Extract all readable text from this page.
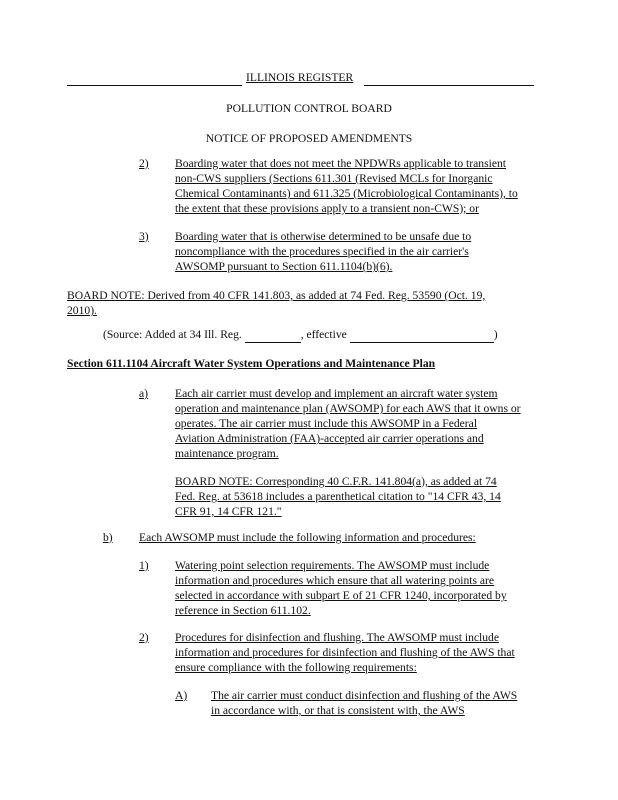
ILLINOIS REGISTER
POLLUTION CONTROL BOARD
NOTICE OF PROPOSED AMENDMENTS
2) Boarding water that does not meet the NPDWRs applicable to transient
non-CWS suppliers (Sections 611.301 (Revised MCLs for Inorganic
Chemical Contaminants) and 611.325 (Microbiological Contaminants), to
the extent that these provisions apply to a transient non-CWS); or
3) Boarding water that is otherwise determined to be unsafe due to
noncompliance with the procedures specified in the air carrier's
AWSOMP pursuant to Section 611.1104(b)(6).
BOARD NOTE: Derived from 40 CFR 141.803, as added at 74 Fed. Reg. 53590 (Oct. 19,
2010).
(Source: Added at 34 Ill. Reg.	, effective	)
Section 611.1104 Aircraft Water System Operations and Maintenance Plan
a) Each air carrier must develop and implement an aircraft water system
operation and maintenance plan (AWSOMP) for each AWS that it owns or
operates. The air carrier must include this AWSOMP in a Federal
Aviation Administration (FAA)-accepted air carrier operations and
maintenance program.
BOARD NOTE: Corresponding 40 C.F.R. 141.804(a), as added at 74
Fed. Reg. at 53618 includes a parenthetical citation to "14 CFR 43, 14
CFR 91, 14 CFR 121."
b) Each AWSOMP must include the following information and procedures:
1) Watering point selection requirements. The AWSOMP must include
information and procedures which ensure that all watering points are
selected in accordance with subpart E of 21 CFR 1240, incorporated by
reference in Section 611.102.
2) Procedures for disinfection and flushing. The AWSOMP must include
information and procedures for disinfection and flushing of the AWS that
ensure compliance with the following requirements:
A) The air carrier must conduct disinfection and flushing of the AWS
in accordance with, or that is consistent with, the AWS
